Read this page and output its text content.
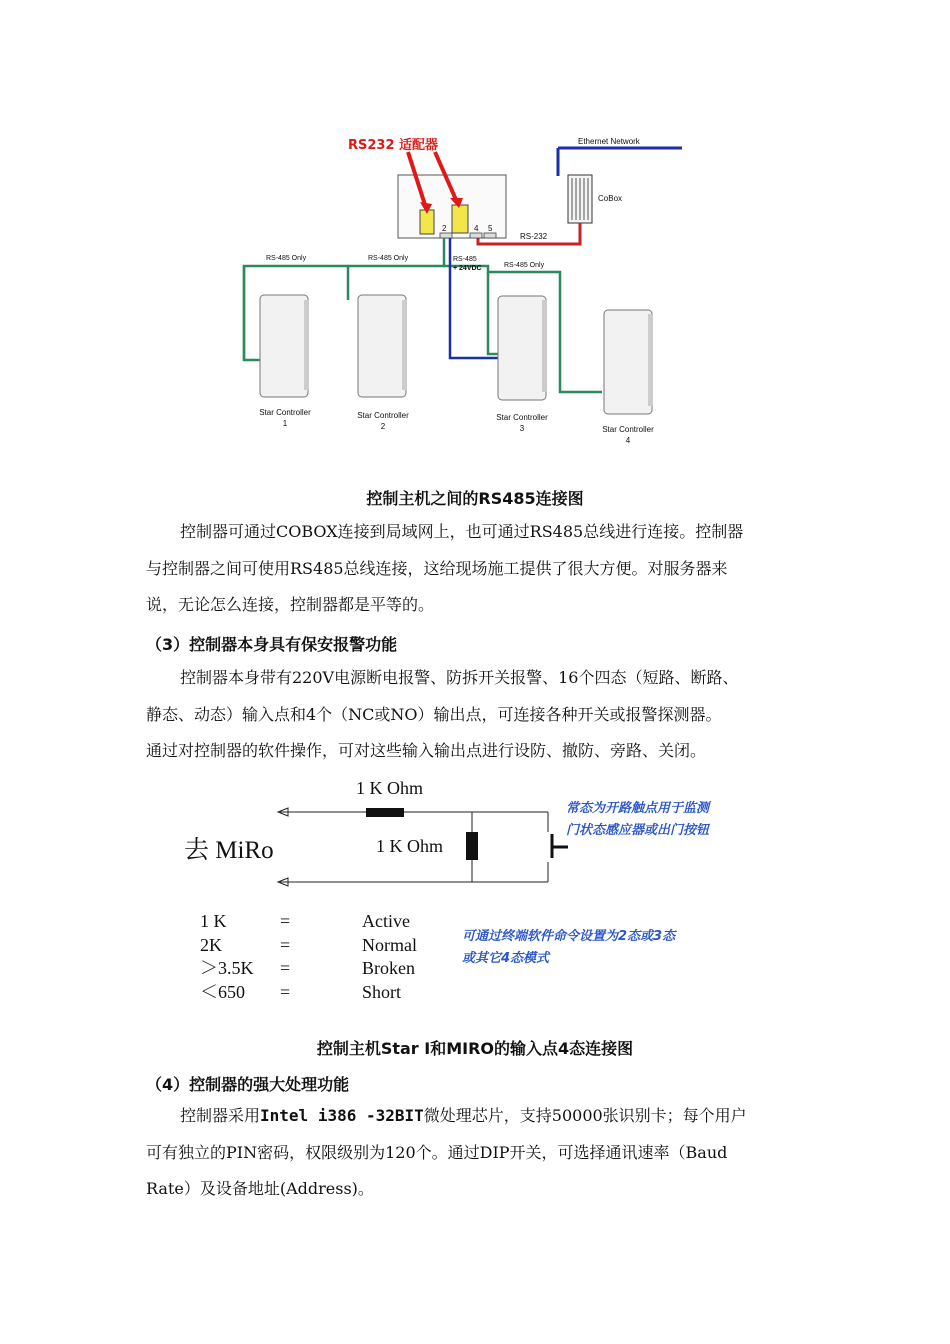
RS232 适配器	Ethernet Network
CoBox
RS-232
2	4 5
RS-485 Only	RS-485 Only
RS-485 Only
RS-485
+ 24VDC
Star Controller
1
Star Controller
2
Star Controller
3	Star Controller
4
控制主机之间的RS485连接图

控制器可通过COBOX连接到局域网上，也可通过RS485总线进行连接。控制器

与控制器之间可使用RS485总线连接，这给现场施工提供了很大方便。对服务器来

说，无论怎么连接，控制器都是平等的。

（3）控制器本身具有保安报警功能

控制器本身带有220V电源断电报警、防拆开关报警、16个四态（短路、断路、

静态、动态）输入点和4个（NC或NO）输出点，可连接各种开关或报警探测器。

通过对控制器的软件操作，可对这些输入输出点进行设防、撤防、旁路、关闭。

1 K Ohm
1 K Ohm
去 MiRo
常态为开路触点用于监测
门状态感应器或出门按钮
可通过终端软件命令设置为2态或3态
或其它4态模式
1 K	=	Active
2K	=	Normal
＞3.5K	=	Broken
＜650	=	Short
控制主机Star I和MIRO的输入点4态连接图
（4）控制器的强大处理功能

控制器采用Intel i386 -32BIT微处理芯片，支持50000张识别卡；每个用户

可有独立的PIN密码，权限级别为120个。通过DIP开关，可选择通讯速率（Baud

Rate）及设备地址(Address)。
